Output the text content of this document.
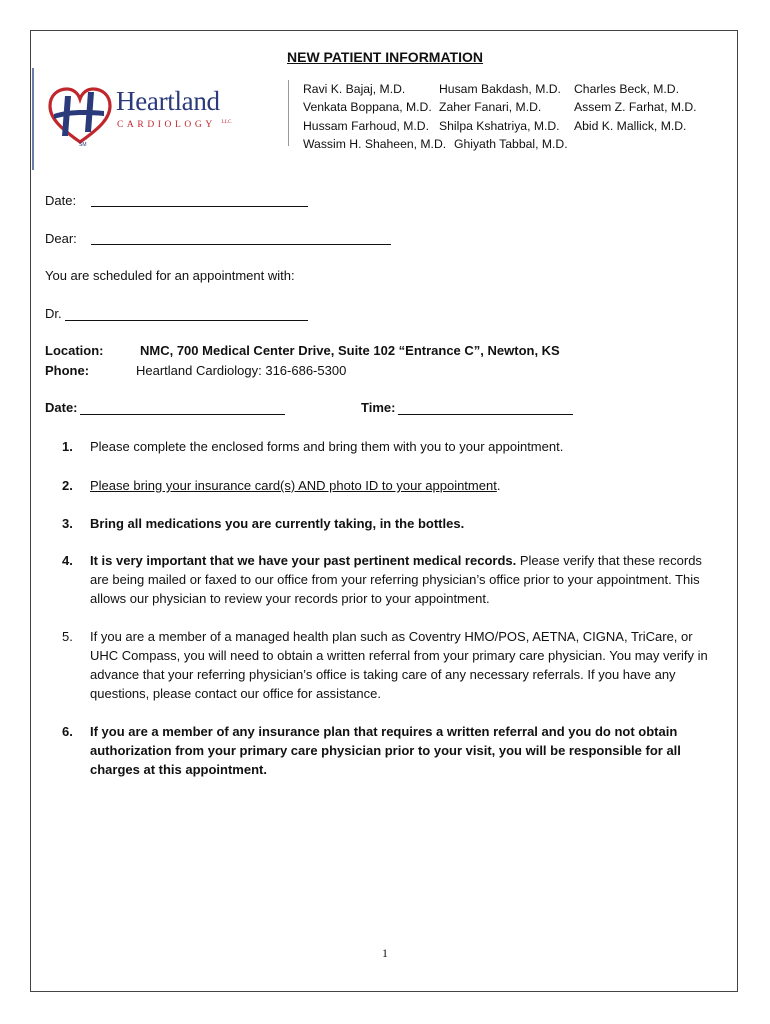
SM
Heartland
CARDIOLOGY $^{LLC}$
NEW PATIENT INFORMATION
Ravi K. Bajaj, M.D.	Husam Bakdash, M.D. Charles Beck, M.D.
Venkata Boppana, M.D. Zaher Fanari, M.D.	Assem Z. Farhat, M.D.
Hussam Farhoud, M.D. Shilpa Kshatriya, M.D. Abid K. Mallick, M.D.
Wassim H. Shaheen, M.D. Ghiyath Tabbal, M.D.
Date:
Dear:
You are scheduled for an appointment with:
Dr.
Location:	NMC, 700 Medical Center Drive, Suite 102 “Entrance C”, Newton, KS
Phone:	Heartland Cardiology: 316-686-5300
Date:	Time:
1. Please complete the enclosed forms and bring them with you to your appointment.
2. Please bring your insurance card(s) AND photo ID to your appointment.
3. Bring all medications you are currently taking, in the bottles.
4. It is very important that we have your past pertinent medical records. Please verify that these records are being mailed or faxed to our office from your referring physician’s office prior to your appointment. This allows our physician to review your records prior to your appointment.
5. If you are a member of a managed health plan such as Coventry HMO/POS, AETNA, CIGNA, TriCare, or UHC Compass, you will need to obtain a written referral from your primary care physician. You may verify in advance that your referring physician’s office is taking care of any necessary referrals. If you have any questions, please contact our office for assistance.
6. If you are a member of any insurance plan that requires a written referral and you do not obtain authorization from your primary care physician prior to your visit, you will be responsible for all charges at this appointment.
1
